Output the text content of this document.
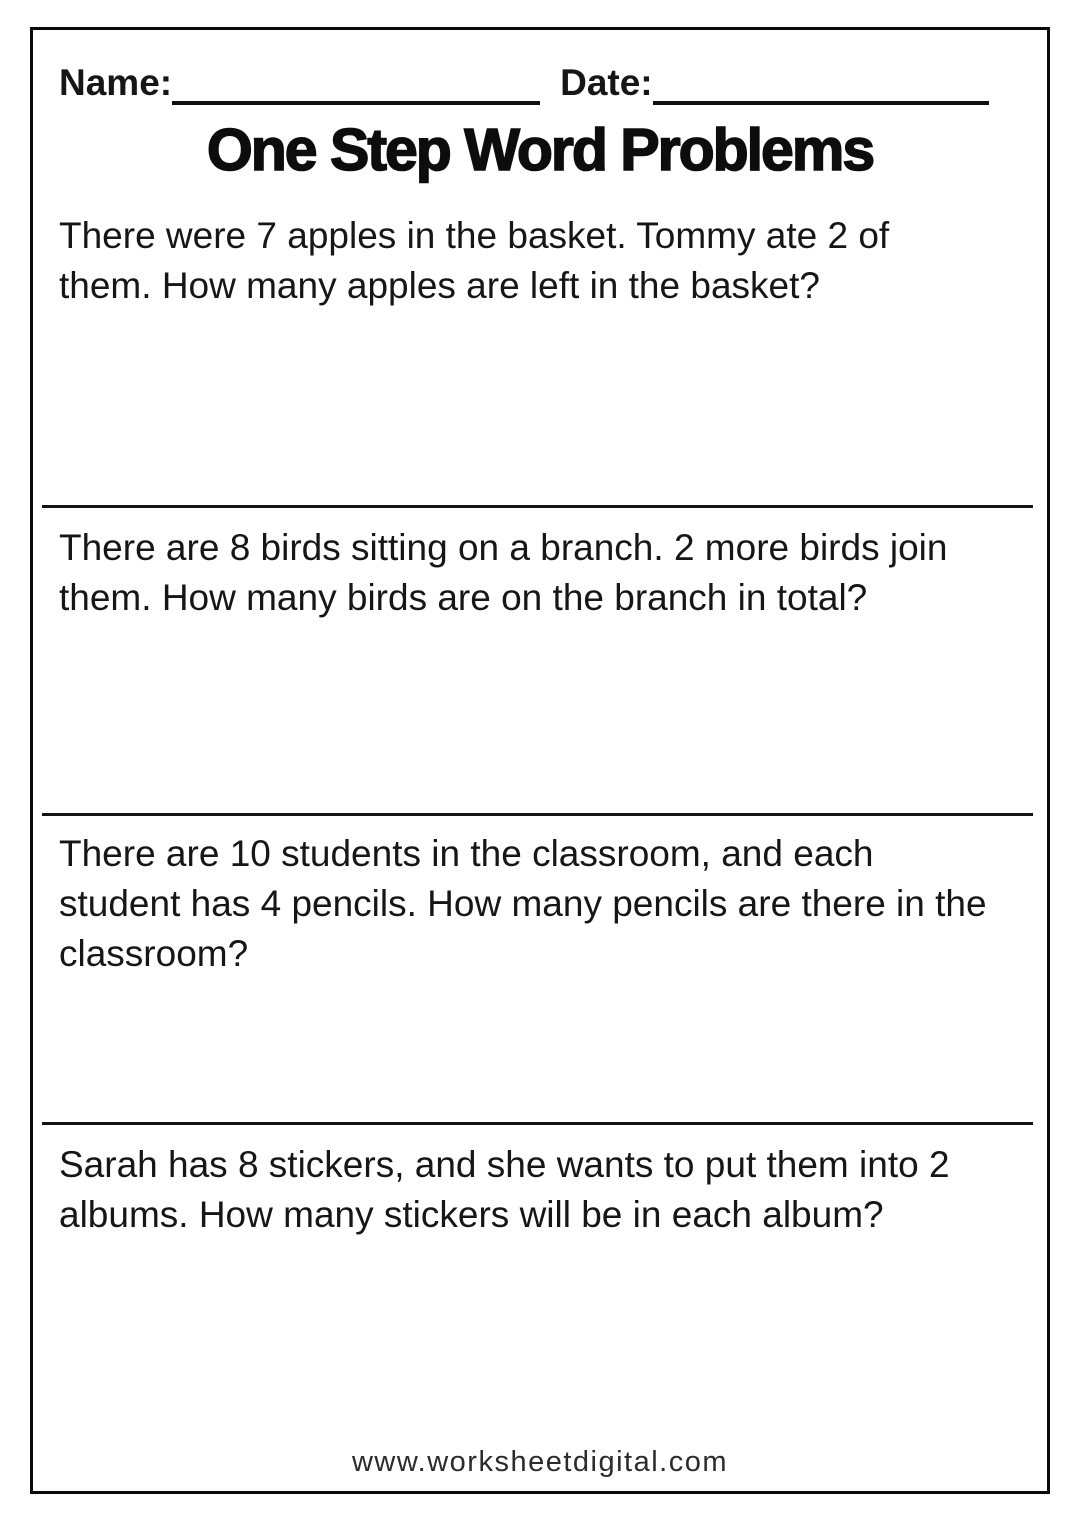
Name:	Date:
One Step Word Problems

There were 7 apples in the basket. Tommy ate 2 of them. How many apples are left in the basket?

There are 8 birds sitting on a branch. 2 more birds join them. How many birds are on the branch in total?

There are 10 students in the classroom, and each student has 4 pencils. How many pencils are there in the classroom?

Sarah has 8 stickers, and she wants to put them into 2 albums. How many stickers will be in each album?

www.worksheetdigital.com
